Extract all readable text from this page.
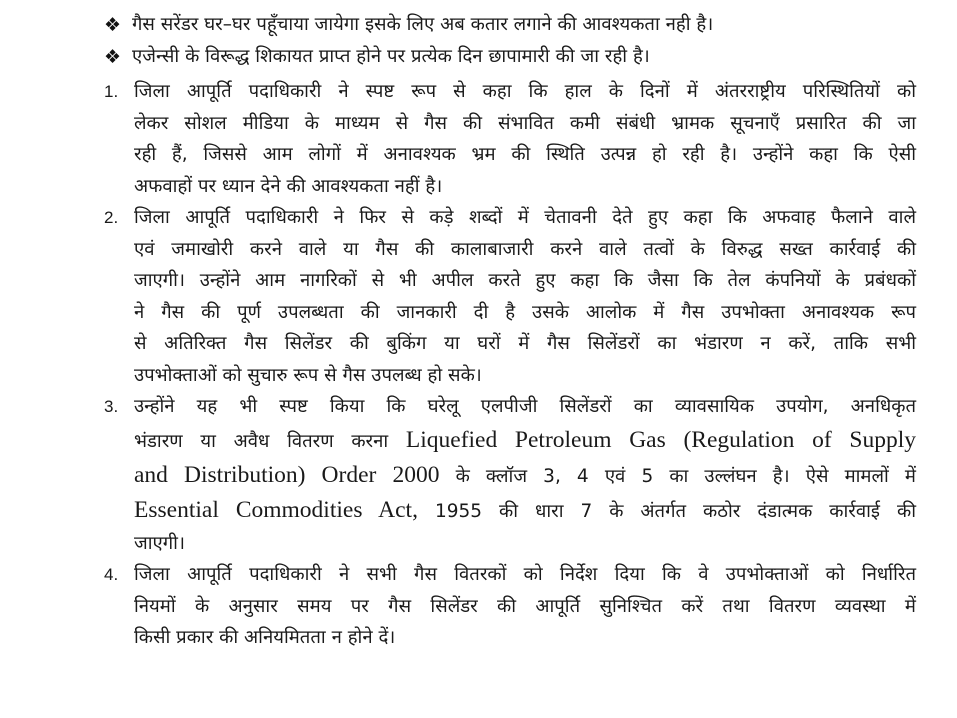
❖ गैस सरेंडर घर–घर पहूँचाया जायेगा इसके लिए अब कतार लगाने की आवश्यकता नही है।
❖ एजेन्सी के विरूद्ध शिकायत प्राप्त होने पर प्रत्येक दिन छापामारी की जा रही है।
1. जिला आपूर्ति पदाधिकारी ने स्पष्ट रूप से कहा कि हाल के दिनों में अंतरराष्ट्रीय परिस्थितियों को
लेकर सोशल मीडिया के माध्यम से गैस की संभावित कमी संबंधी भ्रामक सूचनाएँ प्रसारित की जा
रही हैं, जिससे आम लोगों में अनावश्यक भ्रम की स्थिति उत्पन्न हो रही है। उन्होंने कहा कि ऐसी
अफवाहों पर ध्यान देने की आवश्यकता नहीं है।
2. जिला आपूर्ति पदाधिकारी ने फिर से कड़े शब्दों में चेतावनी देते हुए कहा कि अफवाह फैलाने वाले
एवं जमाखोरी करने वाले या गैस की कालाबाजारी करने वाले तत्वों के विरुद्ध सख्त कार्रवाई की
जाएगी। उन्होंने आम नागरिकों से भी अपील करते हुए कहा कि जैसा कि तेल कंपनियों के प्रबंधकों
ने गैस की पूर्ण उपलब्धता की जानकारी दी है उसके आलोक में गैस उपभोक्ता अनावश्यक रूप
से अतिरिक्त गैस सिलेंडर की बुकिंग या घरों में गैस सिलेंडरों का भंडारण न करें, ताकि सभी
उपभोक्ताओं को सुचारु रूप से गैस उपलब्ध हो सके।
3. उन्होंने यह भी स्पष्ट किया कि घरेलू एलपीजी सिलेंडरों का व्यावसायिक उपयोग, अनधिकृत
भंडारण या अवैध वितरण करना Liquefied Petroleum Gas (Regulation of Supply
and Distribution) Order 2000 के क्लॉज 3, 4 एवं 5 का उल्लंघन है। ऐसे मामलों में
Essential Commodities Act, 1955 की धारा 7 के अंतर्गत कठोर दंडात्मक कार्रवाई की
जाएगी।
4. जिला आपूर्ति पदाधिकारी ने सभी गैस वितरकों को निर्देश दिया कि वे उपभोक्ताओं को निर्धारित
नियमों के अनुसार समय पर गैस सिलेंडर की आपूर्ति सुनिश्चित करें तथा वितरण व्यवस्था में
किसी प्रकार की अनियमितता न होने दें।
